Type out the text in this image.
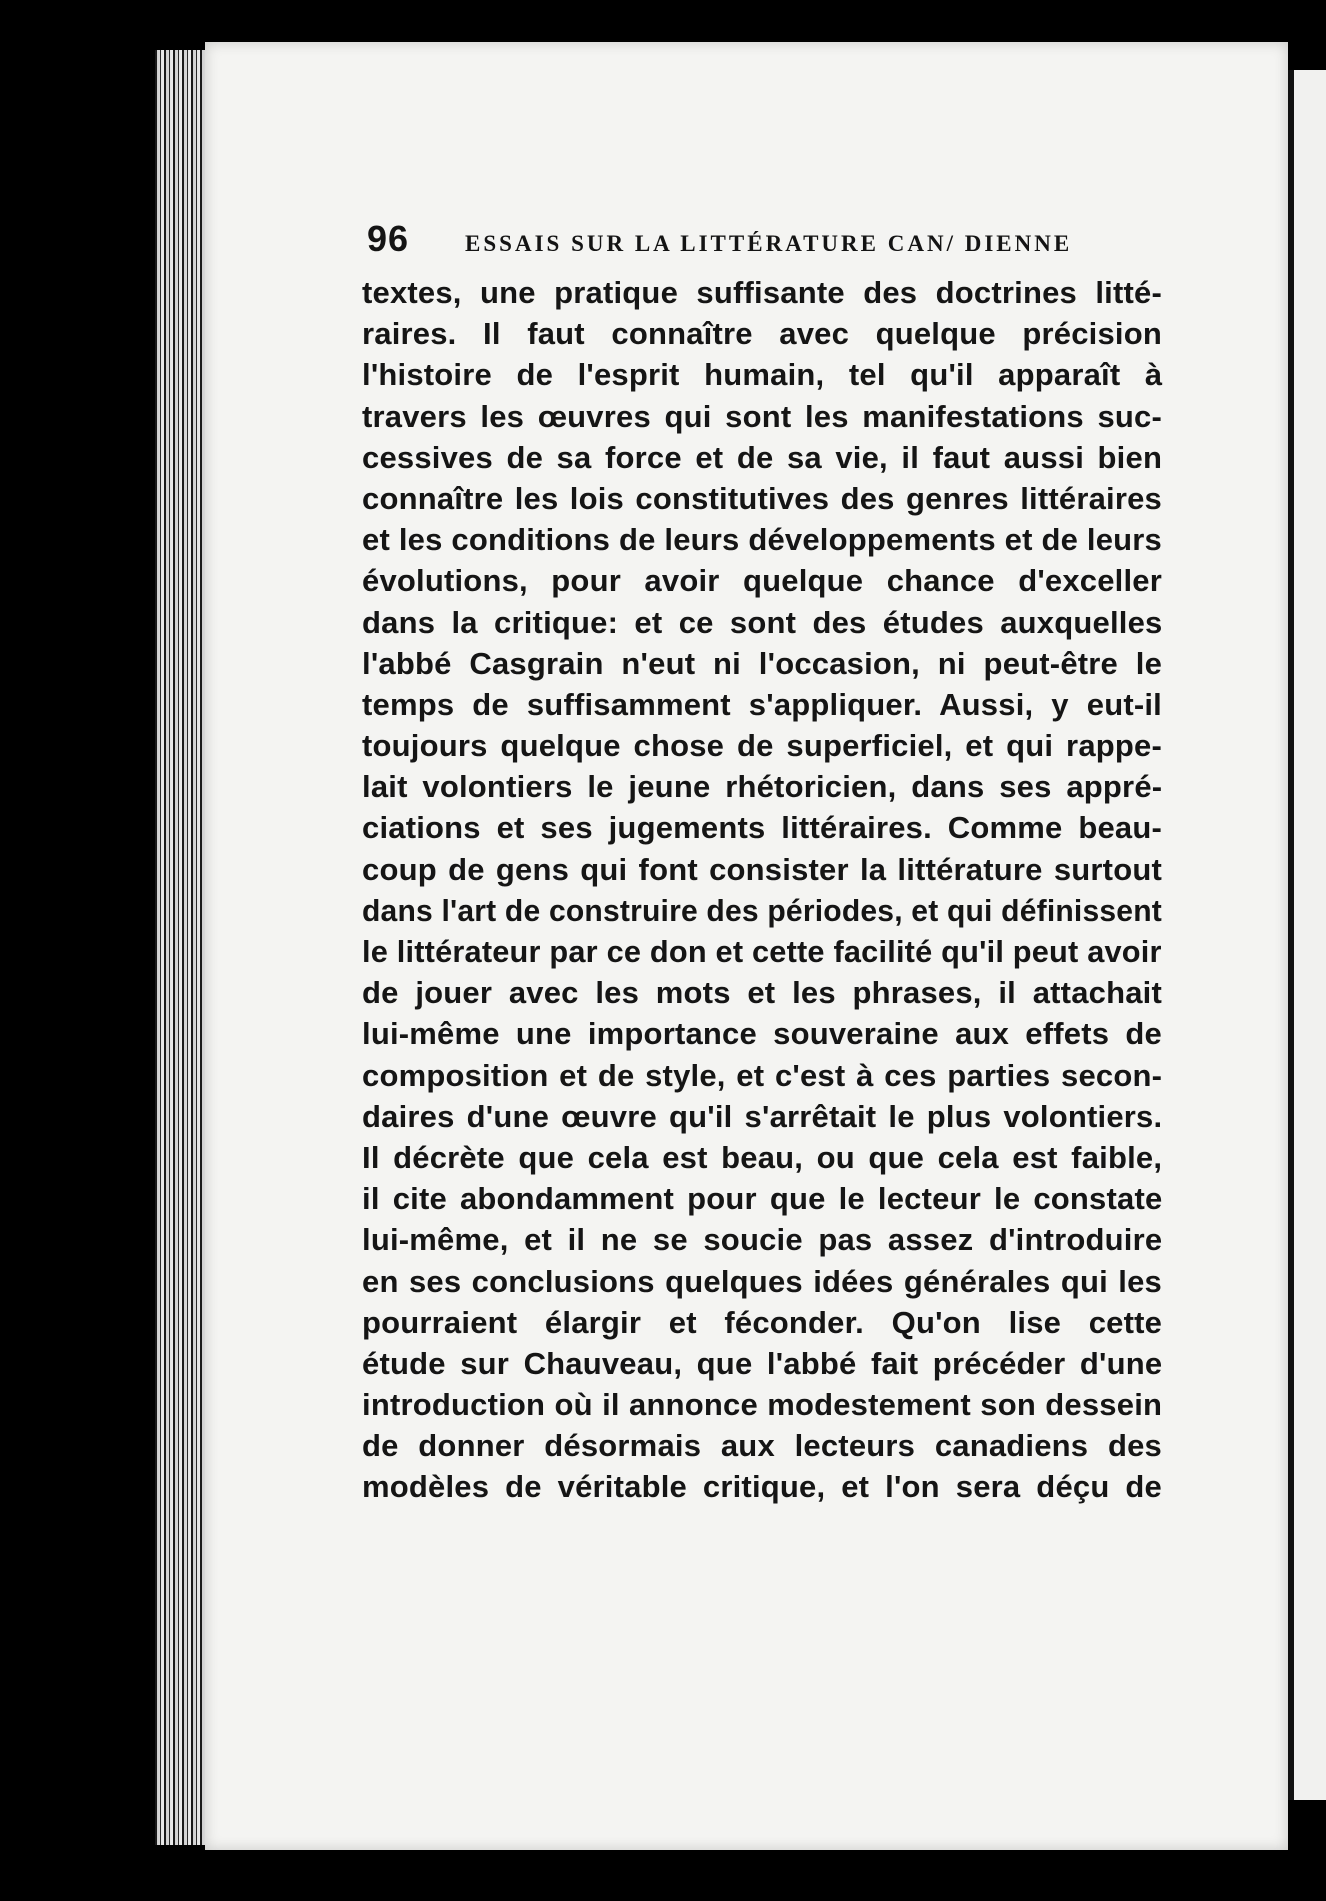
96 ESSAIS SUR LA LITTÉRATURE CAN/ DIENNE
textes, une pratique suffisante des doctrines litté-
raires. Il faut connaître avec quelque précision
l'histoire de l'esprit humain, tel qu'il apparaît à
travers les œuvres qui sont les manifestations suc-
cessives de sa force et de sa vie, il faut aussi bien
connaître les lois constitutives des genres littéraires
et les conditions de leurs développements et de leurs
évolutions, pour avoir quelque chance d'exceller
dans la critique: et ce sont des études auxquelles
l'abbé Casgrain n'eut ni l'occasion, ni peut-être le
temps de suffisamment s'appliquer. Aussi, y eut-il
toujours quelque chose de superficiel, et qui rappe-
lait volontiers le jeune rhétoricien, dans ses appré-
ciations et ses jugements littéraires. Comme beau-
coup de gens qui font consister la littérature surtout
dans l'art de construire des périodes, et qui définissent
le littérateur par ce don et cette facilité qu'il peut avoir
de jouer avec les mots et les phrases, il attachait
lui-même une importance souveraine aux effets de
composition et de style, et c'est à ces parties secon-
daires d'une œuvre qu'il s'arrêtait le plus volontiers.
Il décrète que cela est beau, ou que cela est faible,
il cite abondamment pour que le lecteur le constate
lui-même, et il ne se soucie pas assez d'introduire
en ses conclusions quelques idées générales qui les
pourraient élargir et féconder. Qu'on lise cette
étude sur Chauveau, que l'abbé fait précéder d'une
introduction où il annonce modestement son dessein
de donner désormais aux lecteurs canadiens des
modèles de véritable critique, et l'on sera déçu de
